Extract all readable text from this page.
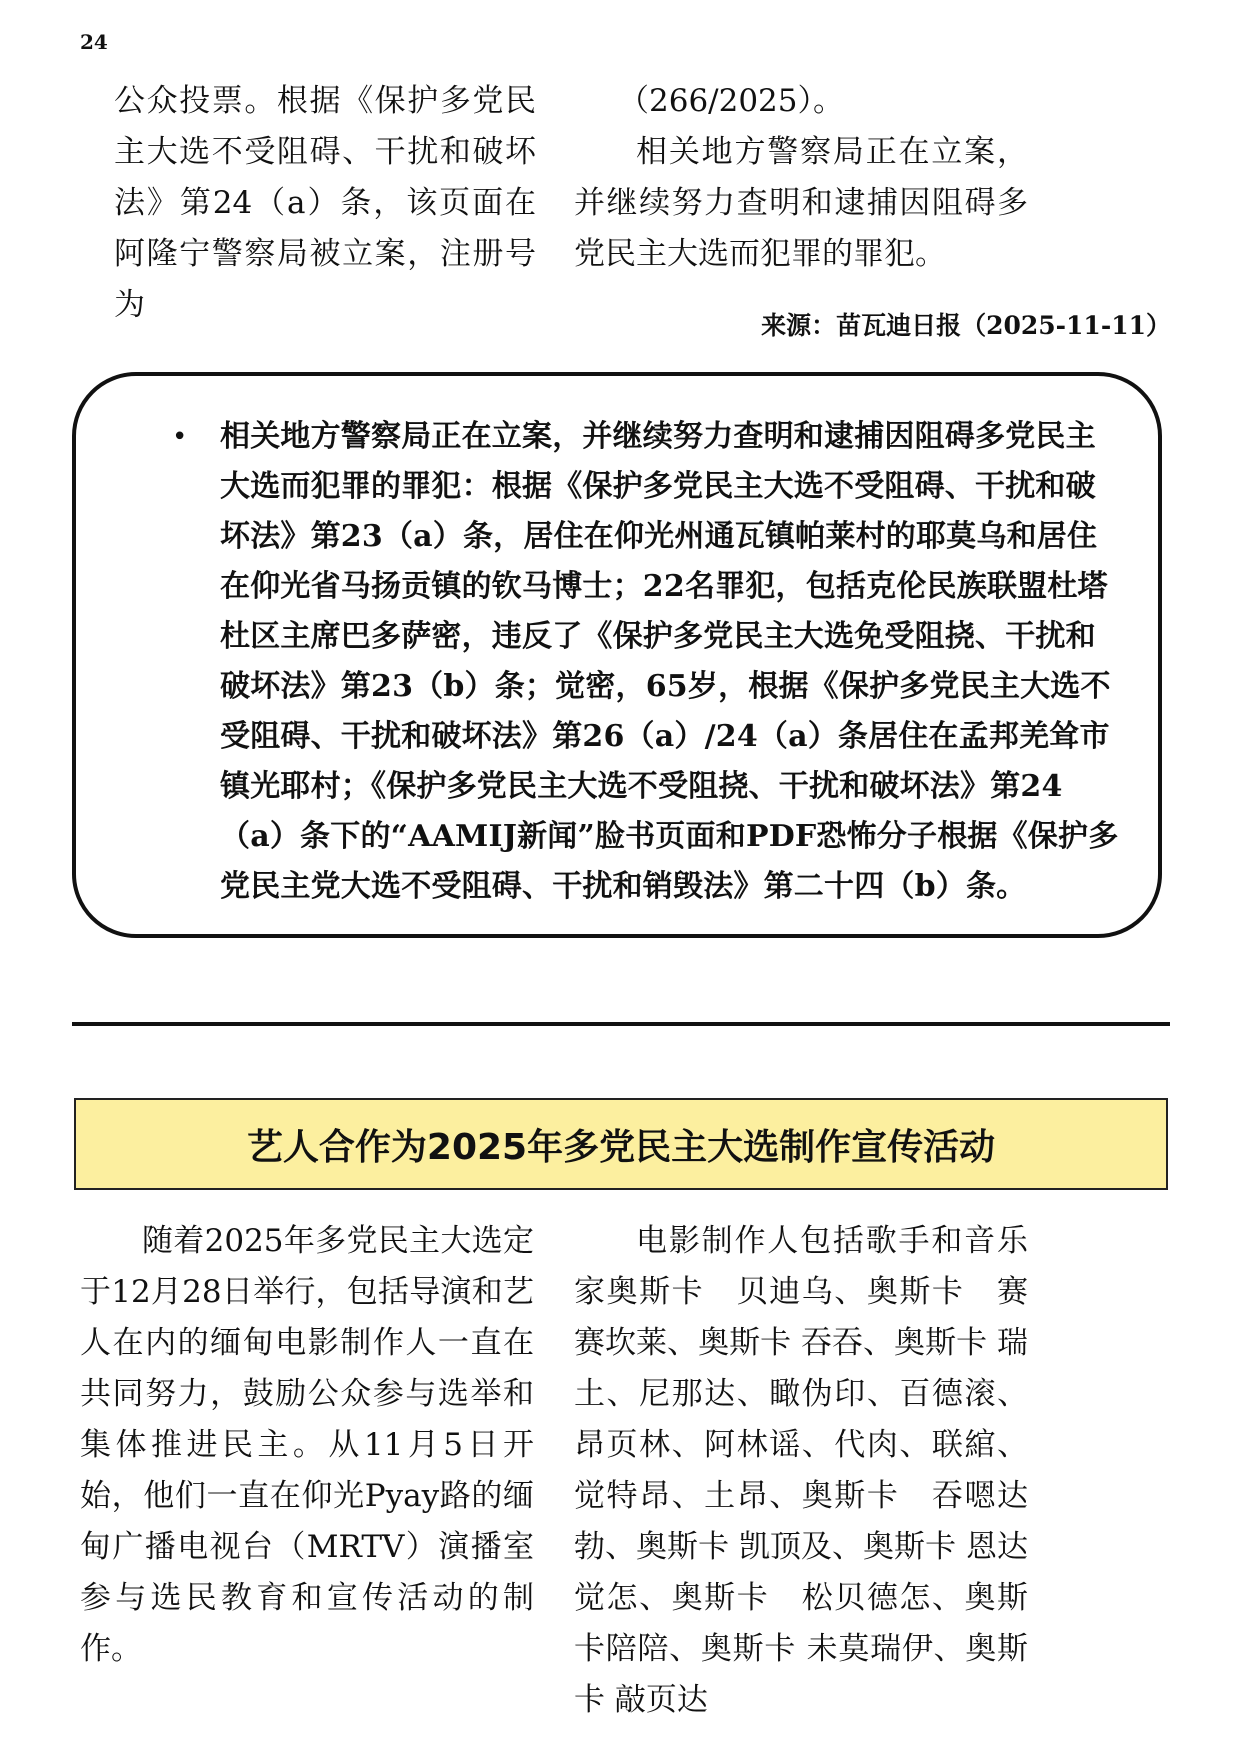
24

公众投票。根据《保护多党民主大选不受阻碍、干扰和破坏法》第24（a）条，该页面在阿隆宁警察局被立案，注册号为

（266/2025）。

相关地方警察局正在立案，并继续努力查明和逮捕因阻碍多党民主大选而犯罪的罪犯。

来源：苗瓦迪日报（2025-11-11）
• 相关地方警察局正在立案，并继续努力查明和逮捕因阻碍多党民主大选而犯罪的罪犯：根据《保护多党民主大选不受阻碍、干扰和破坏法》第23（a）条，居住在仰光州通瓦镇帕莱村的耶莫乌和居住在仰光省马扬贡镇的钦马博士；22名罪犯，包括克伦民族联盟杜塔杜区主席巴多萨密，违反了《保护多党民主大选免受阻挠、干扰和破坏法》第23（b）条；觉密，65岁，根据《保护多党民主大选不受阻碍、干扰和破坏法》第26（a）/24（a）条居住在孟邦羌耸市镇光耶村；《保护多党民主大选不受阻挠、干扰和破坏法》第24（a）条下的“AAMIJ新闻”脸书页面和PDF恐怖分子根据《保护多党民主党大选不受阻碍、干扰和销毁法》第二十四（b）条。
艺人合作为2025年多党民主大选制作宣传活动

随着2025年多党民主大选定于12月28日举行，包括导演和艺人在内的缅甸电影制作人一直在共同努力，鼓励公众参与选举和集体推进民主。从11月5日开始，他们一直在仰光Pyay路的缅甸广播电视台（MRTV）演播室参与选民教育和宣传活动的制作。

电影制作人包括歌手和音乐家奥斯卡　贝迪乌、奥斯卡　赛赛坎莱、奥斯卡 吞吞、奥斯卡 瑞土、尼那达、瞰伪印、百德滚、昂页林、阿林谣、代肉、联綰、觉特昂、土昂、奥斯卡　吞嗯达勃、奥斯卡 凯顶及、奥斯卡 恩达觉怎、奥斯卡　松贝德怎、奥斯卡陪陪、奥斯卡 未莫瑞伊、奥斯卡 敲页达
